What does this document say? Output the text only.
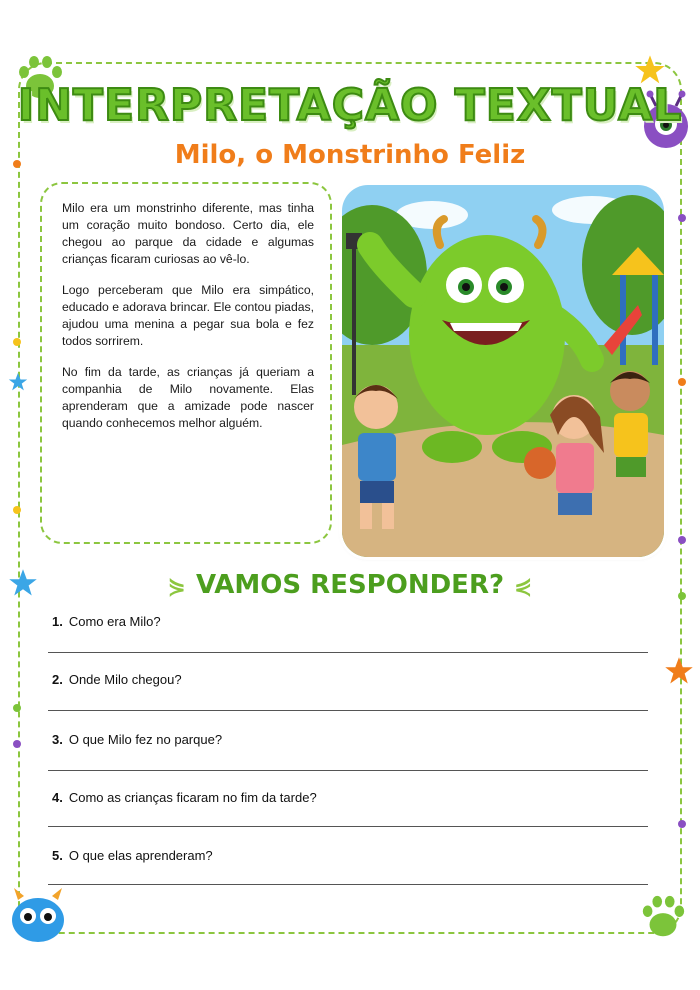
INTERPRETAÇÃO TEXTUAL
Milo, o Monstrinho Feliz

Milo era um monstrinho diferente, mas tinha um coração muito bondoso. Certo dia, ele chegou ao parque da cidade e algumas crianças ficaram curiosas ao vê-lo.

Logo perceberam que Milo era simpático, educado e adorava brincar. Ele contou piadas, ajudou uma menina a pegar sua bola e fez todos sorrirem.

No fim da tarde, as crianças já queriam a companhia de Milo novamente. Elas aprenderam que a amizade pode nascer quando conhecemos melhor alguém.

⋟ VAMOS RESPONDER? ⋞
1. Como era Milo?
2. Onde Milo chegou?
3. O que Milo fez no parque?
4. Como as crianças ficaram no fim da tarde?
5. O que elas aprenderam?
